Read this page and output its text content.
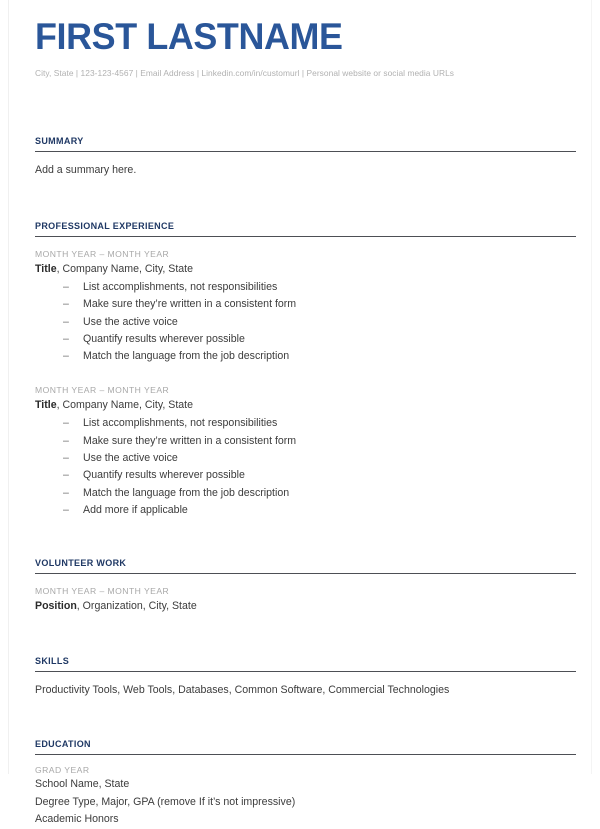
FIRST LASTNAME
City, State | 123-123-4567 | Email Address | Linkedin.com/in/customurl | Personal website or social media URLs
SUMMARY
Add a summary here.
PROFESSIONAL EXPERIENCE
MONTH YEAR – MONTH YEAR
Title, Company Name, City, State
– List accomplishments, not responsibilities
– Make sure they’re written in a consistent form
– Use the active voice
– Quantify results wherever possible
– Match the language from the job description
MONTH YEAR – MONTH YEAR
Title, Company Name, City, State
– List accomplishments, not responsibilities
– Make sure they’re written in a consistent form
– Use the active voice
– Quantify results wherever possible
– Match the language from the job description
– Add more if applicable
VOLUNTEER WORK
MONTH YEAR – MONTH YEAR
Position, Organization, City, State
SKILLS
Productivity Tools, Web Tools, Databases, Common Software, Commercial Technologies
EDUCATION
GRAD YEAR
School Name, State
Degree Type, Major, GPA (remove If it’s not impressive)
Academic Honors
